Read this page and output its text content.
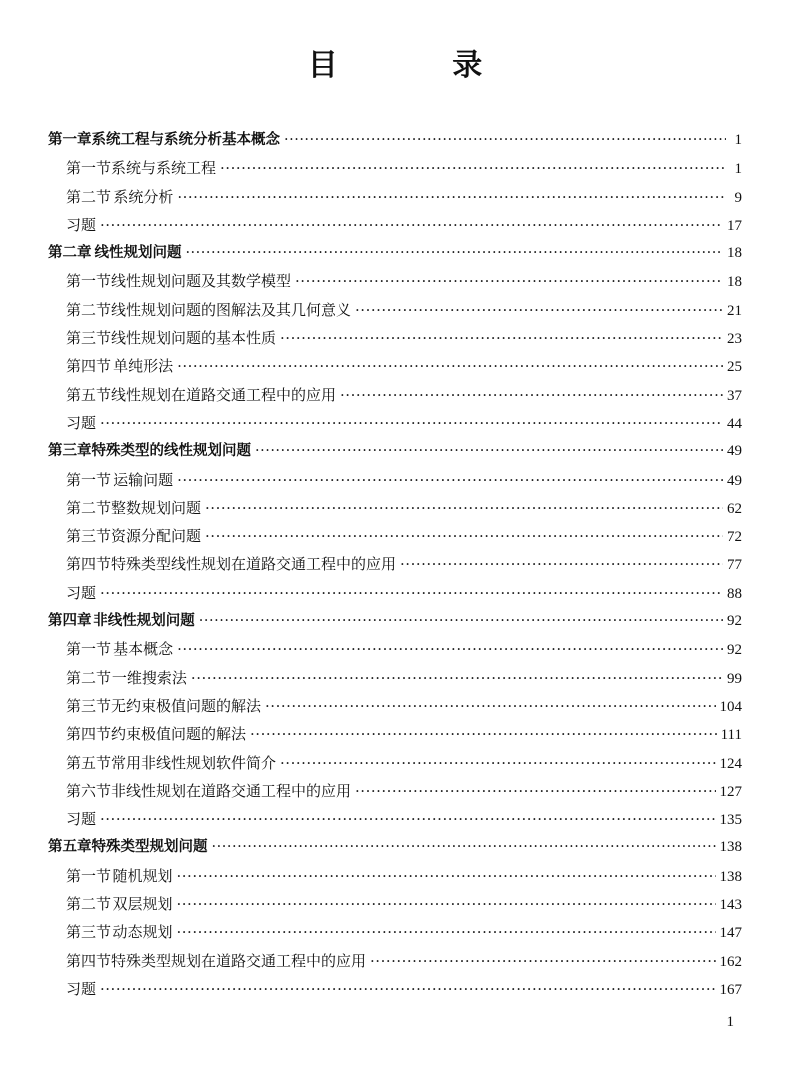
目 录
第一章 系统工程与系统分析基本概念 ·····	1
第一节 系统与系统工程 ·····	1
第二节 系统分析 ·····	9
习题 ·····	17
第二章 线性规划问题 ·····	18
第一节 线性规划问题及其数学模型 ·····	18
第二节 线性规划问题的图解法及其几何意义 ·····	21
第三节 线性规划问题的基本性质 ·····	23
第四节 单纯形法 ·····	25
第五节 线性规划在道路交通工程中的应用 ·····	37
习题 ·····	44
第三章 特殊类型的线性规划问题 ·····	49
第一节 运输问题 ·····	49
第二节 整数规划问题 ·····	62
第三节 资源分配问题 ·····	72
第四节 特殊类型线性规划在道路交通工程中的应用 ·····	77
习题 ·····	88
第四章 非线性规划问题 ·····	92
第一节 基本概念 ·····	92
第二节 一维搜索法 ·····	99
第三节 无约束极值问题的解法 ·····	104
第四节 约束极值问题的解法 ·····	111
第五节 常用非线性规划软件简介 ·····	124
第六节 非线性规划在道路交通工程中的应用 ·····	127
习题 ·····	135
第五章 特殊类型规划问题 ·····	138
第一节 随机规划 ·····	138
第二节 双层规划 ·····	143
第三节 动态规划 ·····	147
第四节 特殊类型规划在道路交通工程中的应用 ·····	162
习题 ·····	167
1
